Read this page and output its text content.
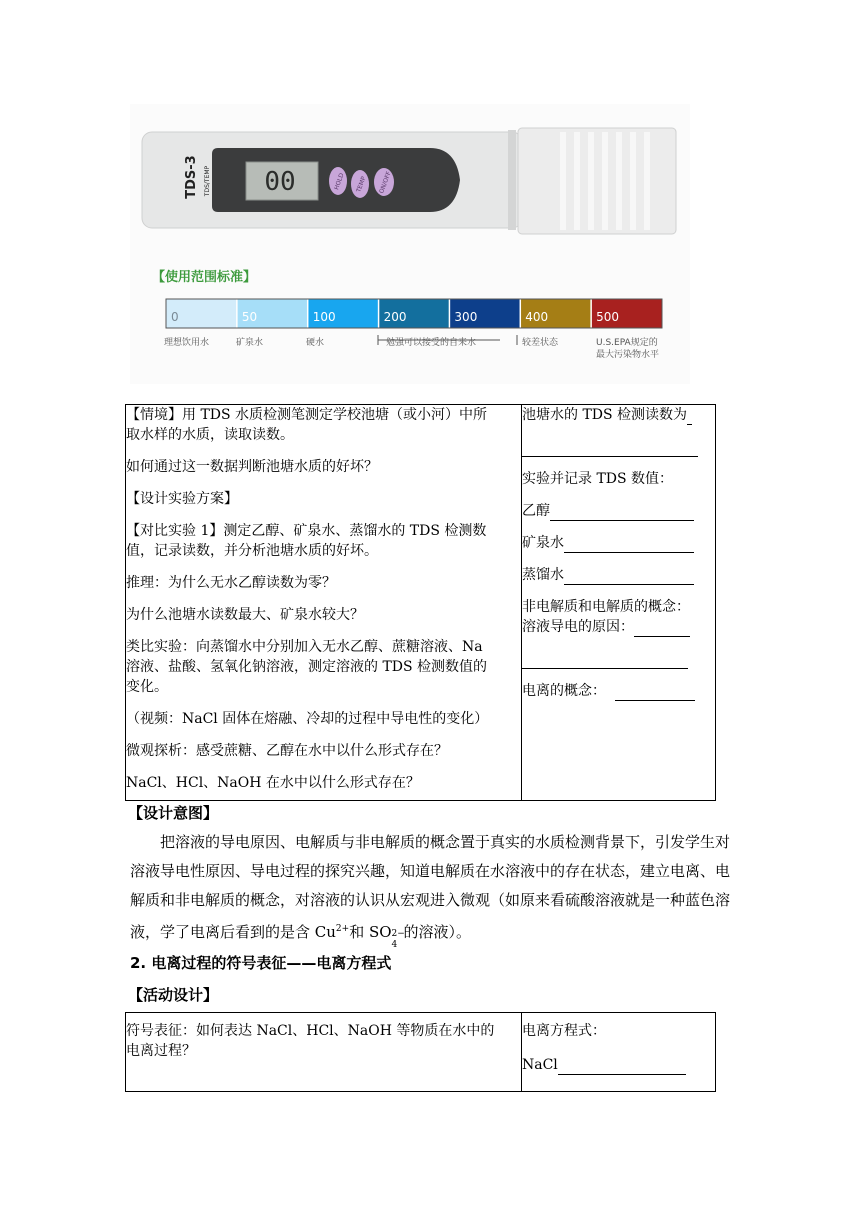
00	HOLD TEMP ON/OFF
TDS-3 TDS/TEMP
【使用范围标准】
0	50	100	200	300	400	500
理想饮用水	矿泉水	硬水	勉强可以接受的自来水	较差状态	U.S.EPA规定的
最大污染物水平

【情境】用 TDS 水质检测笔测定学校池塘（或小河）中所

取水样的水质，读取读数。

如何通过这一数据判断池塘水质的好坏？

【设计实验方案】

【对比实验 1】测定乙醇、矿泉水、蒸馏水的 TDS 检测数

值，记录读数，并分析池塘水质的好坏。

推理：为什么无水乙醇读数为零？

为什么池塘水读数最大、矿泉水较大？

类比实验：向蒸馏水中分别加入无水乙醇、蔗糖溶液、Na

溶液、盐酸、氢氧化钠溶液，测定溶液的 TDS 检测数值的

变化。

（视频：NaCl 固体在熔融、冷却的过程中导电性的变化）

微观探析：感受蔗糖、乙醇在水中以什么形式存在？

NaCl、HCl、NaOH 在水中以什么形式存在？

池塘水的 TDS 检测读数为

实验并记录 TDS 数值：

乙醇

矿泉水

蒸馏水

非电解质和电解质的概念：

溶液导电的原因：

电离的概念：

【设计意图】
把溶液的导电原因、电解质与非电解质的概念置于真实的水质检测背景下，引发学生对
溶液导电性原因、导电过程的探究兴趣，知道电解质在水溶液中的存在状态，建立电离、电
解质和非电解质的概念，对溶液的认识从宏观进入微观（如原来看硫酸溶液就是一种蓝色溶
液，学了电离后看到的是含 $Cu^{2+}$和 SO 2−
4
的溶液）。
2. 电离过程的符号表征——电离方程式
【活动设计】

符号表征：如何表达 NaCl、HCl、NaOH 等物质在水中的

电离过程？

电离方程式：

NaCl
